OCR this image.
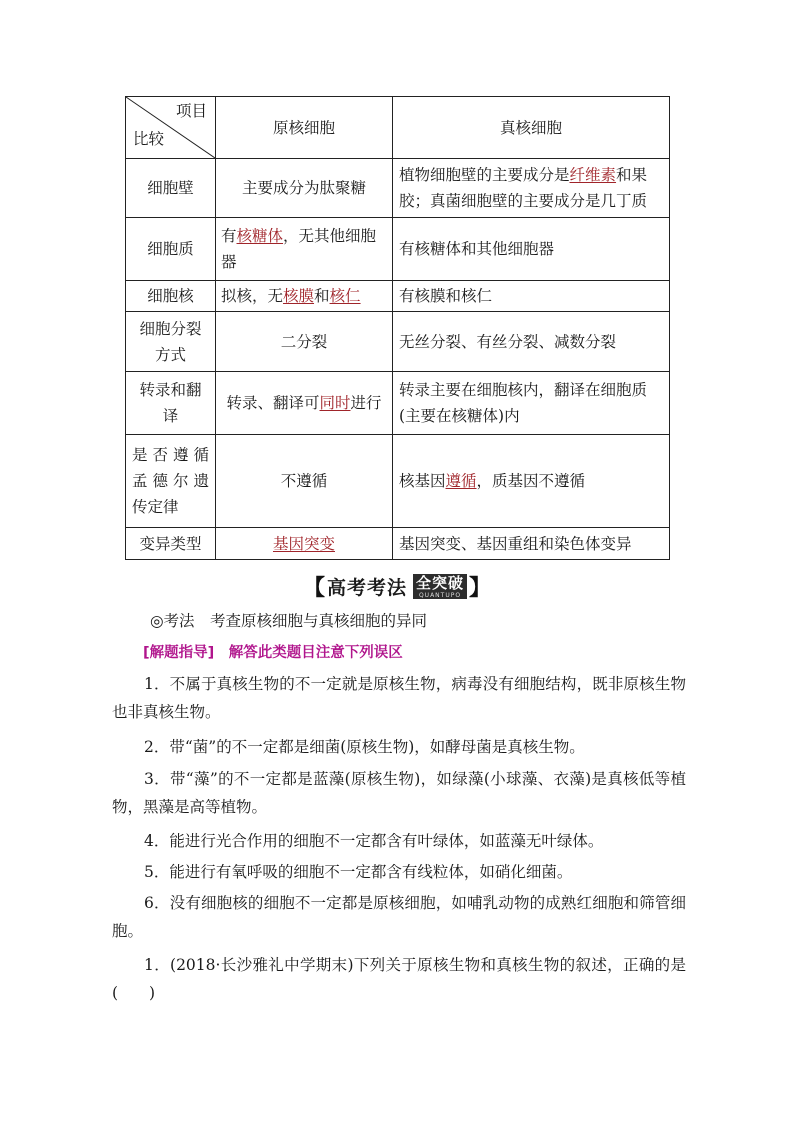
项目
比较	原核细胞	真核细胞
细胞壁	主要成分为肽聚糖	植物细胞壁的主要成分是纤维素和果胶；真菌细胞壁的主要成分是几丁质
细胞质	有核糖体，无其他细胞器	有核糖体和其他细胞器
细胞核	拟核，无核膜和核仁	有核膜和核仁
细胞分裂方式	二分裂	无丝分裂、有丝分裂、减数分裂
转录和翻译	转录、翻译可同时进行	转录主要在细胞核内，翻译在细胞质(主要在核糖体)内

是否遵循
孟德尔遗
传定律	不遵循	核基因遵循，质基因不遵循
变异类型	基因突变	基因突变、基因重组和染色体变异
【 高考考法 全突破
QUANTUPO 】
◎考法　考查原核细胞与真核细胞的异同
[解题指导]　解答此类题目注意下列误区
1．不属于真核生物的不一定就是原核生物，病毒没有细胞结构，既非原核生物也非真核生物。
2．带“菌”的不一定都是细菌(原核生物)，如酵母菌是真核生物。
3．带“藻”的不一定都是蓝藻(原核生物)，如绿藻(小球藻、衣藻)是真核低等植物，黑藻是高等植物。
4．能进行光合作用的细胞不一定都含有叶绿体，如蓝藻无叶绿体。
5．能进行有氧呼吸的细胞不一定都含有线粒体，如硝化细菌。
6．没有细胞核的细胞不一定都是原核细胞，如哺乳动物的成熟红细胞和筛管细胞。
1．(2018·长沙雅礼中学期末)下列关于原核生物和真核生物的叙述，正确的是(　　)
